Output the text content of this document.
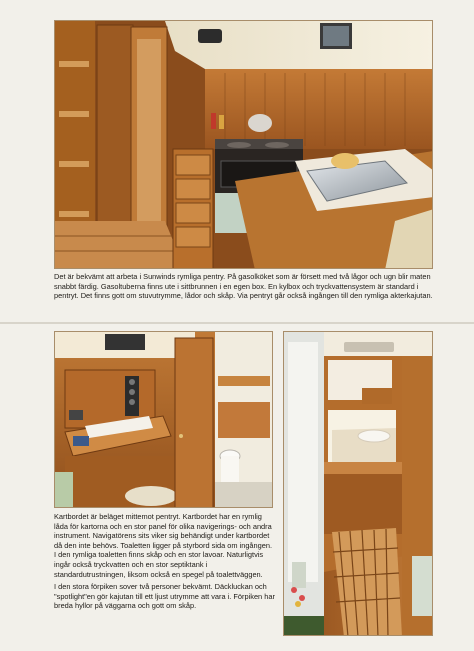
Det är bekvämt att arbeta i Sunwinds rymliga pentry. På gasolköket som är försett med två lågor och ugn blir maten snabbt färdig. Gasoltuberna finns ute i sittbrunnen i en egen box. En kylbox och tryckvattensystem är standard i pentryt. Det finns gott om stuvutrymme, lådor och skåp. Via pentryt går också ingången till den rymliga akterkajutan.

Kartbordet är beläget mittemot pentryt. Kartbordet har en rymlig låda för kartorna och en stor panel för olika navigerings- och andra instrument. Navigatörens sits viker sig behändigt under kartbordet då den inte behövs. Toaletten ligger på styrbord sida om ingången. I den rymliga toaletten finns skåp och en stor lavoar. Naturligtvis ingår också tryckvatten och en stor septiktank i standardutrustningen, liksom också en spegel på toalettväggen.

I den stora förpiken sover två personer bekvämt. Däckluckan och "spotlight"en gör kajutan till ett ljust utrymme att vara i. Förpiken har breda hyllor på väggarna och gott om skåp.
